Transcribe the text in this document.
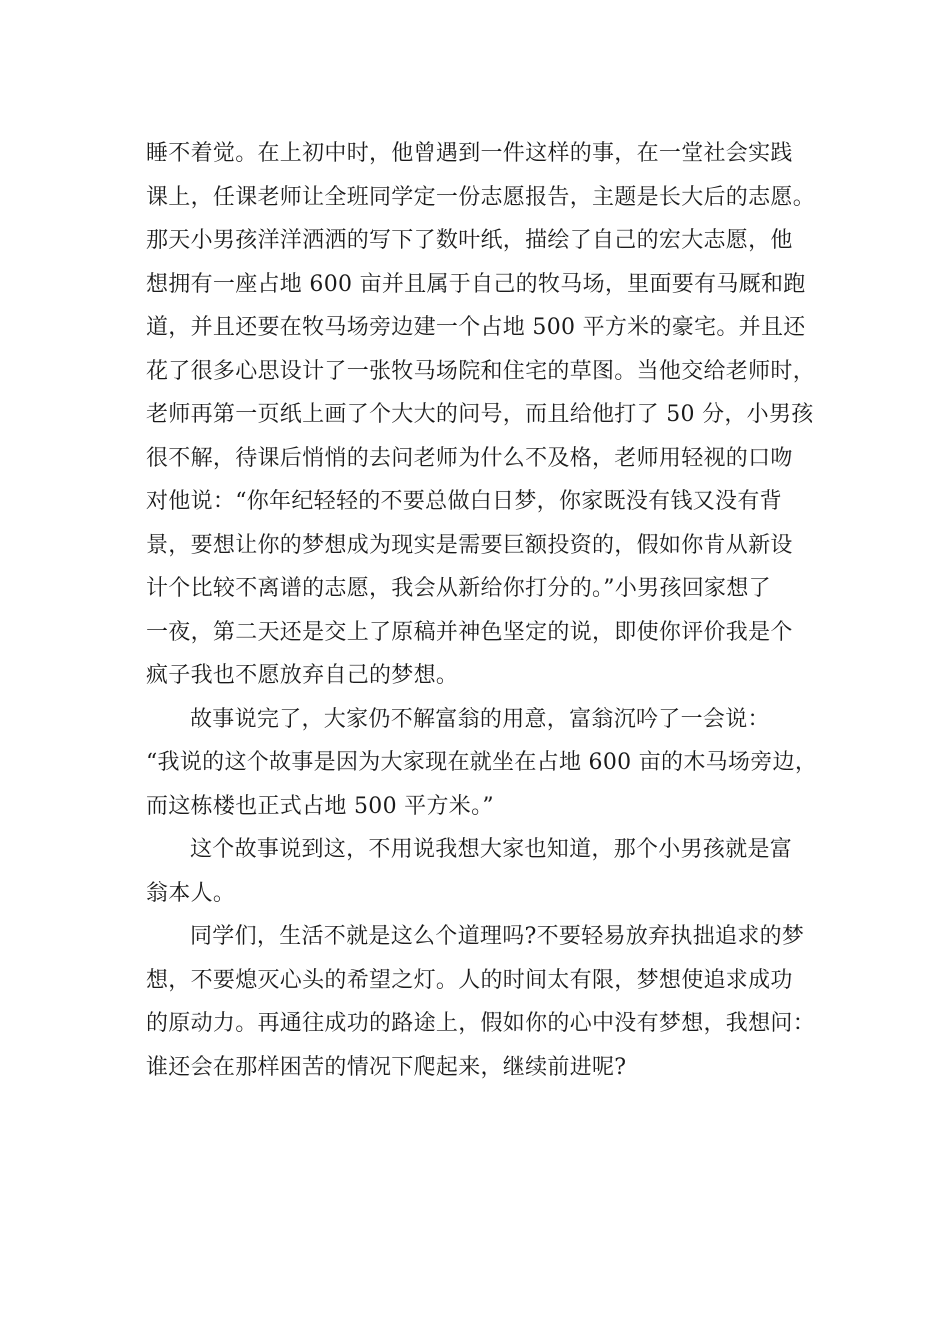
睡不着觉。在上初中时，他曾遇到一件这样的事，在一堂社会实践
课上，任课老师让全班同学定一份志愿报告，主题是长大后的志愿。
那天小男孩洋洋洒洒的写下了数叶纸，描绘了自己的宏大志愿，他
想拥有一座占地 600 亩并且属于自己的牧马场，里面要有马厩和跑
道，并且还要在牧马场旁边建一个占地 500 平方米的豪宅。并且还
花了很多心思设计了一张牧马场院和住宅的草图。当他交给老师时，
老师再第一页纸上画了个大大的问号，而且给他打了 50 分，小男孩
很不解，待课后悄悄的去问老师为什么不及格，老师用轻视的口吻
对他说：“你年纪轻轻的不要总做白日梦，你家既没有钱又没有背
景，要想让你的梦想成为现实是需要巨额投资的，假如你肯从新设
计个比较不离谱的志愿，我会从新给你打分的。”小男孩回家想了
一夜，第二天还是交上了原稿并神色坚定的说，即使你评价我是个
疯子我也不愿放弃自己的梦想。
故事说完了，大家仍不解富翁的用意，富翁沉吟了一会说：
“我说的这个故事是因为大家现在就坐在占地 600 亩的木马场旁边，
而这栋楼也正式占地 500 平方米。”
这个故事说到这，不用说我想大家也知道，那个小男孩就是富
翁本人。
同学们，生活不就是这么个道理吗?不要轻易放弃执拙追求的梦
想，不要熄灭心头的希望之灯。人的时间太有限，梦想使追求成功
的原动力。再通往成功的路途上，假如你的心中没有梦想，我想问：
谁还会在那样困苦的情况下爬起来，继续前进呢?
